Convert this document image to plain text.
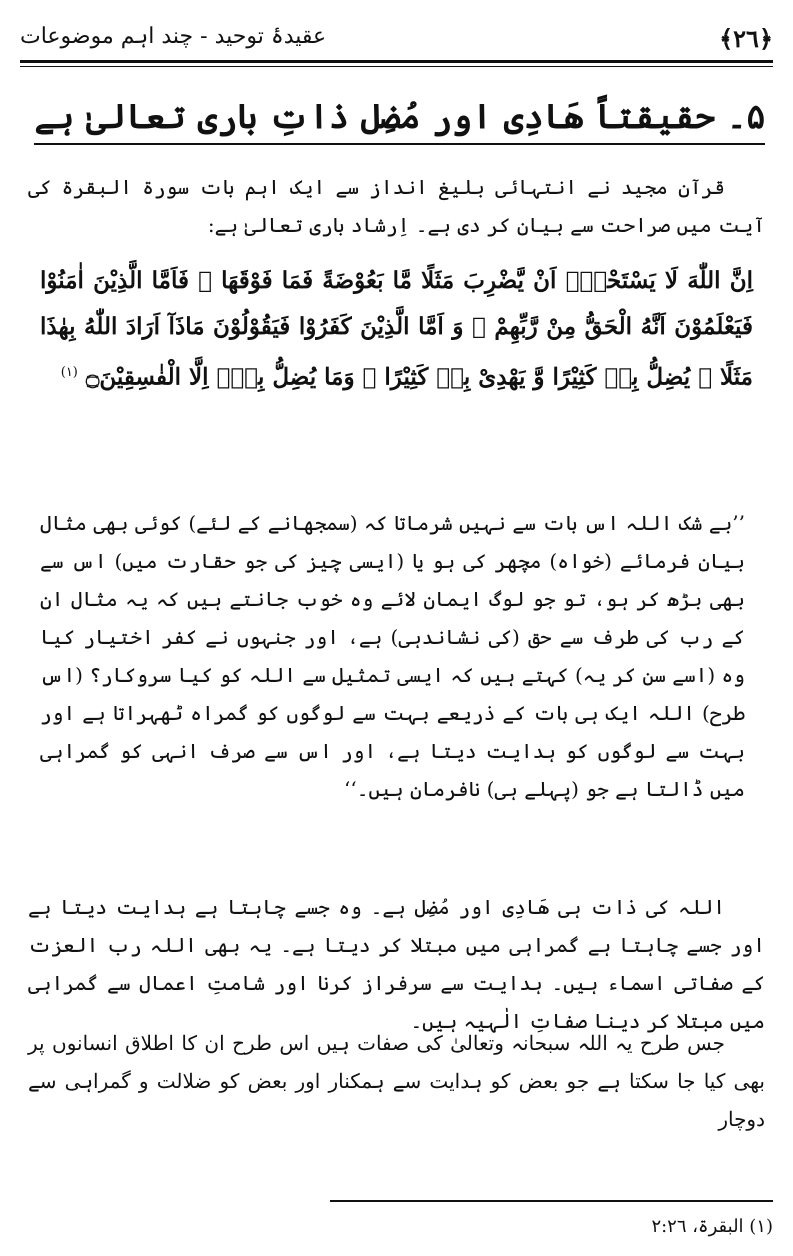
﴿٢٦﴾
عقیدۂ توحید - چند اہم موضوعات
۵۔ حقیقتاً ھَادِی اور مُضِل ذاتِ باری تعالیٰ ہے

قرآن مجید نے انتہائی بلیغ انداز سے ایک اہم بات سورۃ البقرۃ کی آیت میں صراحت سے بیان کر دی ہے۔ اِرشاد باری تعالیٰ ہے:

اِنَّ اللّٰهَ لَا یَسْتَحْیٖٓ اَنْ یَّضْرِبَ مَثَلًا مَّا بَعُوْضَةً فَمَا فَوْقَهَا ۭ فَاَمَّا الَّذِیْنَ اٰمَنُوْا فَیَعْلَمُوْنَ اَنَّهُ الْحَقُّ مِنْ رَّبِّهِمْ ۚ وَ اَمَّا الَّذِیْنَ كَفَرُوْا فَیَقُوْلُوْنَ مَاذَآ اَرَادَ اللّٰهُ بِهٰذَا مَثَلًا ۘ یُضِلُّ بِهٖ كَثِیْرًا وَّ یَهْدِیْ بِهٖ كَثِیْرًا ۭ وَمَا یُضِلُّ بِهٖٓ اِلَّا الْفٰسِقِیْنَ۝ $^{(١)}$

’’بے شک اللہ اس بات سے نہیں شرماتا کہ (سمجھانے کے لئے) کوئی بھی مثال بیان فرمائے (خواہ) مچھر کی ہو یا (ایسی چیز کی جو حقارت میں) اس سے بھی بڑھ کر ہو، تو جو لوگ ایمان لائے وہ خوب جانتے ہیں کہ یہ مثال ان کے رب کی طرف سے حق (کی نشاندہی) ہے، اور جنہوں نے کفر اختیار کیا وہ (اسے سن کر یہ) کہتے ہیں کہ ایسی تمثیل سے اللہ کو کیا سروکار؟ (اس طرح) اللہ ایک ہی بات کے ذریعے بہت سے لوگوں کو گمراہ ٹھہراتا ہے اور بہت سے لوگوں کو ہدایت دیتا ہے، اور اس سے صرف انہی کو گمراہی میں ڈالتا ہے جو (پہلے ہی) نافرمان ہیں۔‘‘

اللہ کی ذات ہی ھَادِی اور مُضِل ہے۔ وہ جسے چاہتا ہے ہدایت دیتا ہے اور جسے چاہتا ہے گمراہی میں مبتلا کر دیتا ہے۔ یہ بھی اللہ رب العزت کے صفاتی اسماء ہیں۔ ہدایت سے سرفراز کرنا اور شامتِ اعمال سے گمراہی میں مبتلا کر دینا صفاتِ الٰہیہ ہیں۔

جس طرح یہ اللہ سبحانہ وتعالیٰ کی صفات ہیں اس طرح ان کا اطلاق انسانوں پر بھی کیا جا سکتا ہے جو بعض کو ہدایت سے ہمکنار اور بعض کو ضلالت و گمراہی سے دوچار

(١) البقرۃ، ٢:٢٦
